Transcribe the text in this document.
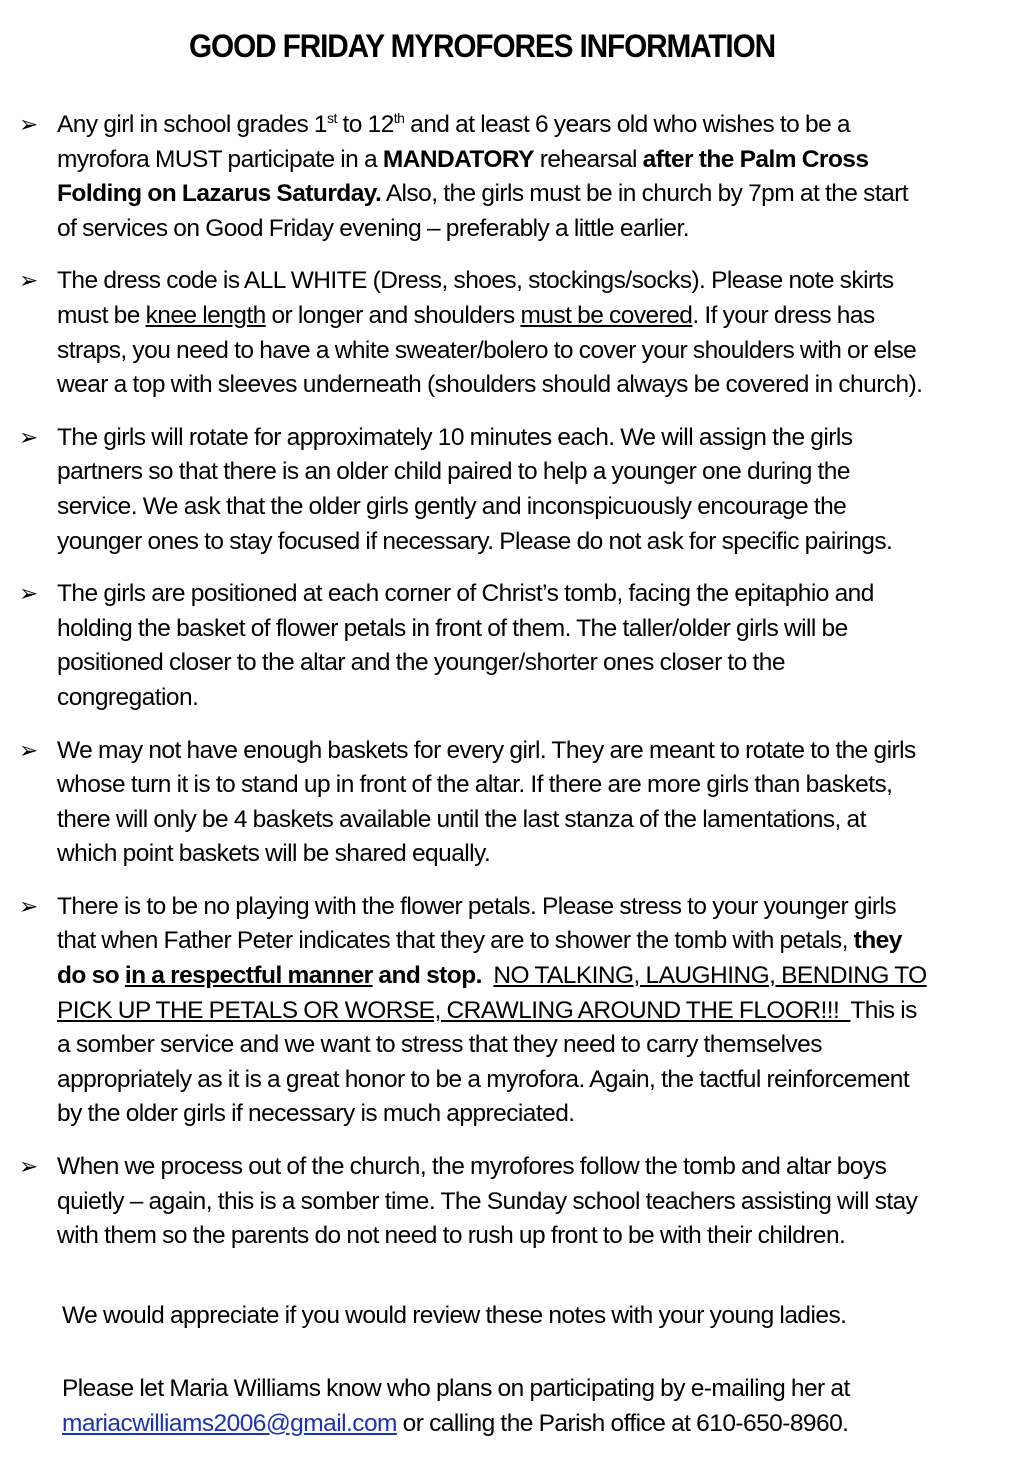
GOOD FRIDAY MYROFORES INFORMATION
➢ Any girl in school grades 1st to 12th and at least 6 years old who wishes to be a
myrofora MUST participate in a MANDATORY rehearsal after the Palm Cross
Folding on Lazarus Saturday. Also, the girls must be in church by 7pm at the start
of services on Good Friday evening – preferably a little earlier.

➢ The dress code is ALL WHITE (Dress, shoes, stockings/socks). Please note skirts
must be knee length or longer and shoulders must be covered. If your dress has
straps, you need to have a white sweater/bolero to cover your shoulders with or else
wear a top with sleeves underneath (shoulders should always be covered in church).

➢ The girls will rotate for approximately 10 minutes each. We will assign the girls
partners so that there is an older child paired to help a younger one during the
service. We ask that the older girls gently and inconspicuously encourage the
younger ones to stay focused if necessary. Please do not ask for specific pairings.

➢ The girls are positioned at each corner of Christ’s tomb, facing the epitaphio and
holding the basket of flower petals in front of them. The taller/older girls will be
positioned closer to the altar and the younger/shorter ones closer to the
congregation.

➢ We may not have enough baskets for every girl. They are meant to rotate to the girls
whose turn it is to stand up in front of the altar. If there are more girls than baskets,
there will only be 4 baskets available until the last stanza of the lamentations, at
which point baskets will be shared equally.

➢ There is to be no playing with the flower petals. Please stress to your younger girls
that when Father Peter indicates that they are to shower the tomb with petals, they
do so in a respectful manner and stop. NO TALKING, LAUGHING, BENDING TO
PICK UP THE PETALS OR WORSE, CRAWLING AROUND THE FLOOR!!!  This is
a somber service and we want to stress that they need to carry themselves
appropriately as it is a great honor to be a myrofora. Again, the tactful reinforcement
by the older girls if necessary is much appreciated.

➢ When we process out of the church, the myrofores follow the tomb and altar boys
quietly – again, this is a somber time. The Sunday school teachers assisting will stay
with them so the parents do not need to rush up front to be with their children.

We would appreciate if you would review these notes with your young ladies.
Please let Maria Williams know who plans on participating by e-mailing her at
mariacwilliams2006@gmail.com or calling the Parish office at 610-650-8960.
